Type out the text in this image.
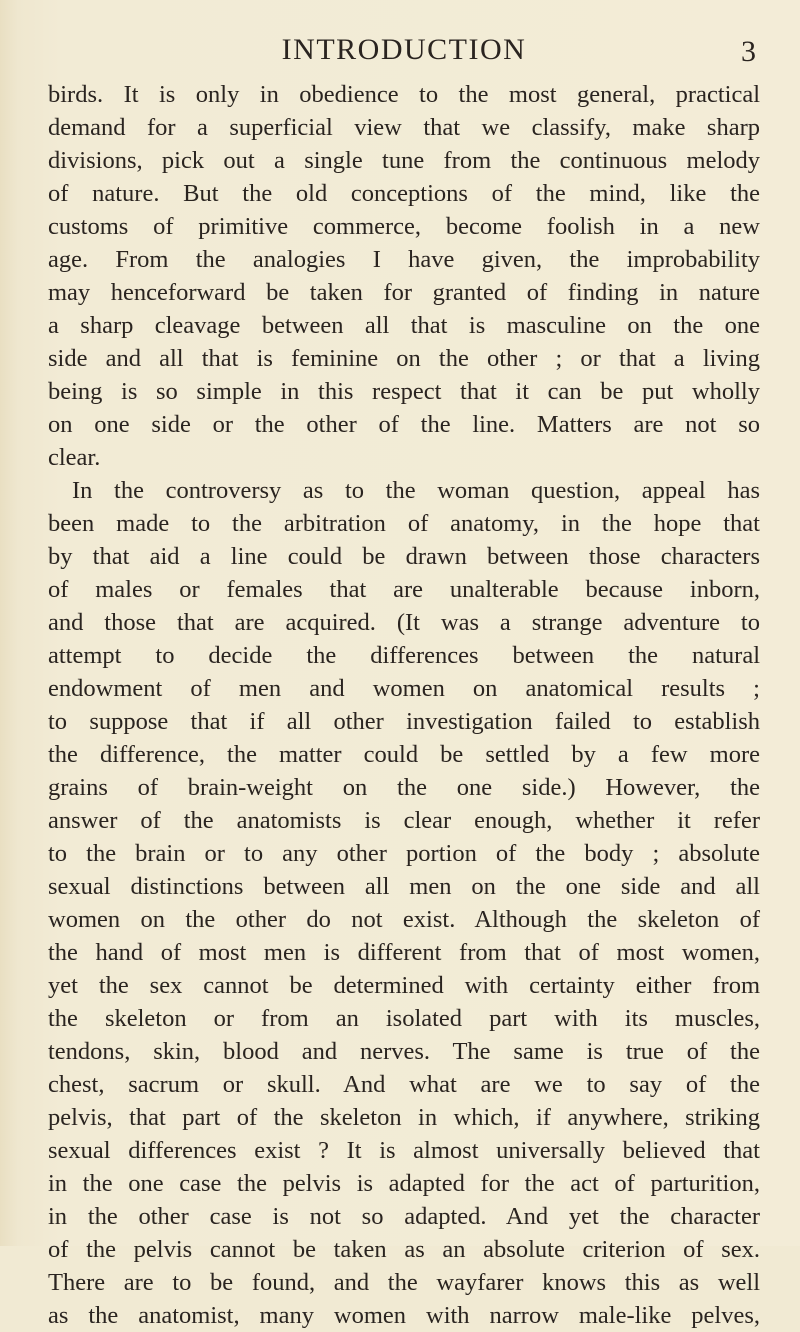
INTRODUCTION	3
birds. It is only in obedience to the most general, practical
demand for a superficial view that we classify, make sharp
divisions, pick out a single tune from the continuous melody
of nature. But the old conceptions of the mind, like the
customs of primitive commerce, become foolish in a new
age. From the analogies I have given, the improbability
may henceforward be taken for granted of finding in nature
a sharp cleavage between all that is masculine on the one
side and all that is feminine on the other ; or that a living
being is so simple in this respect that it can be put wholly
on one side or the other of the line. Matters are not so
clear.
In the controversy as to the woman question, appeal has
been made to the arbitration of anatomy, in the hope that
by that aid a line could be drawn between those characters
of males or females that are unalterable because inborn,
and those that are acquired. (It was a strange adventure to
attempt to decide the differences between the natural
endowment of men and women on anatomical results ;
to suppose that if all other investigation failed to establish
the difference, the matter could be settled by a few more
grains of brain-weight on the one side.) However, the
answer of the anatomists is clear enough, whether it refer
to the brain or to any other portion of the body ; absolute
sexual distinctions between all men on the one side and all
women on the other do not exist. Although the skeleton of
the hand of most men is different from that of most women,
yet the sex cannot be determined with certainty either from
the skeleton or from an isolated part with its muscles,
tendons, skin, blood and nerves. The same is true of the
chest, sacrum or skull. And what are we to say of the
pelvis, that part of the skeleton in which, if anywhere, striking
sexual differences exist ? It is almost universally believed that
in the one case the pelvis is adapted for the act of parturition,
in the other case is not so adapted. And yet the character
of the pelvis cannot be taken as an absolute criterion of sex.
There are to be found, and the wayfarer knows this as well
as the anatomist, many women with narrow male-like pelves,
